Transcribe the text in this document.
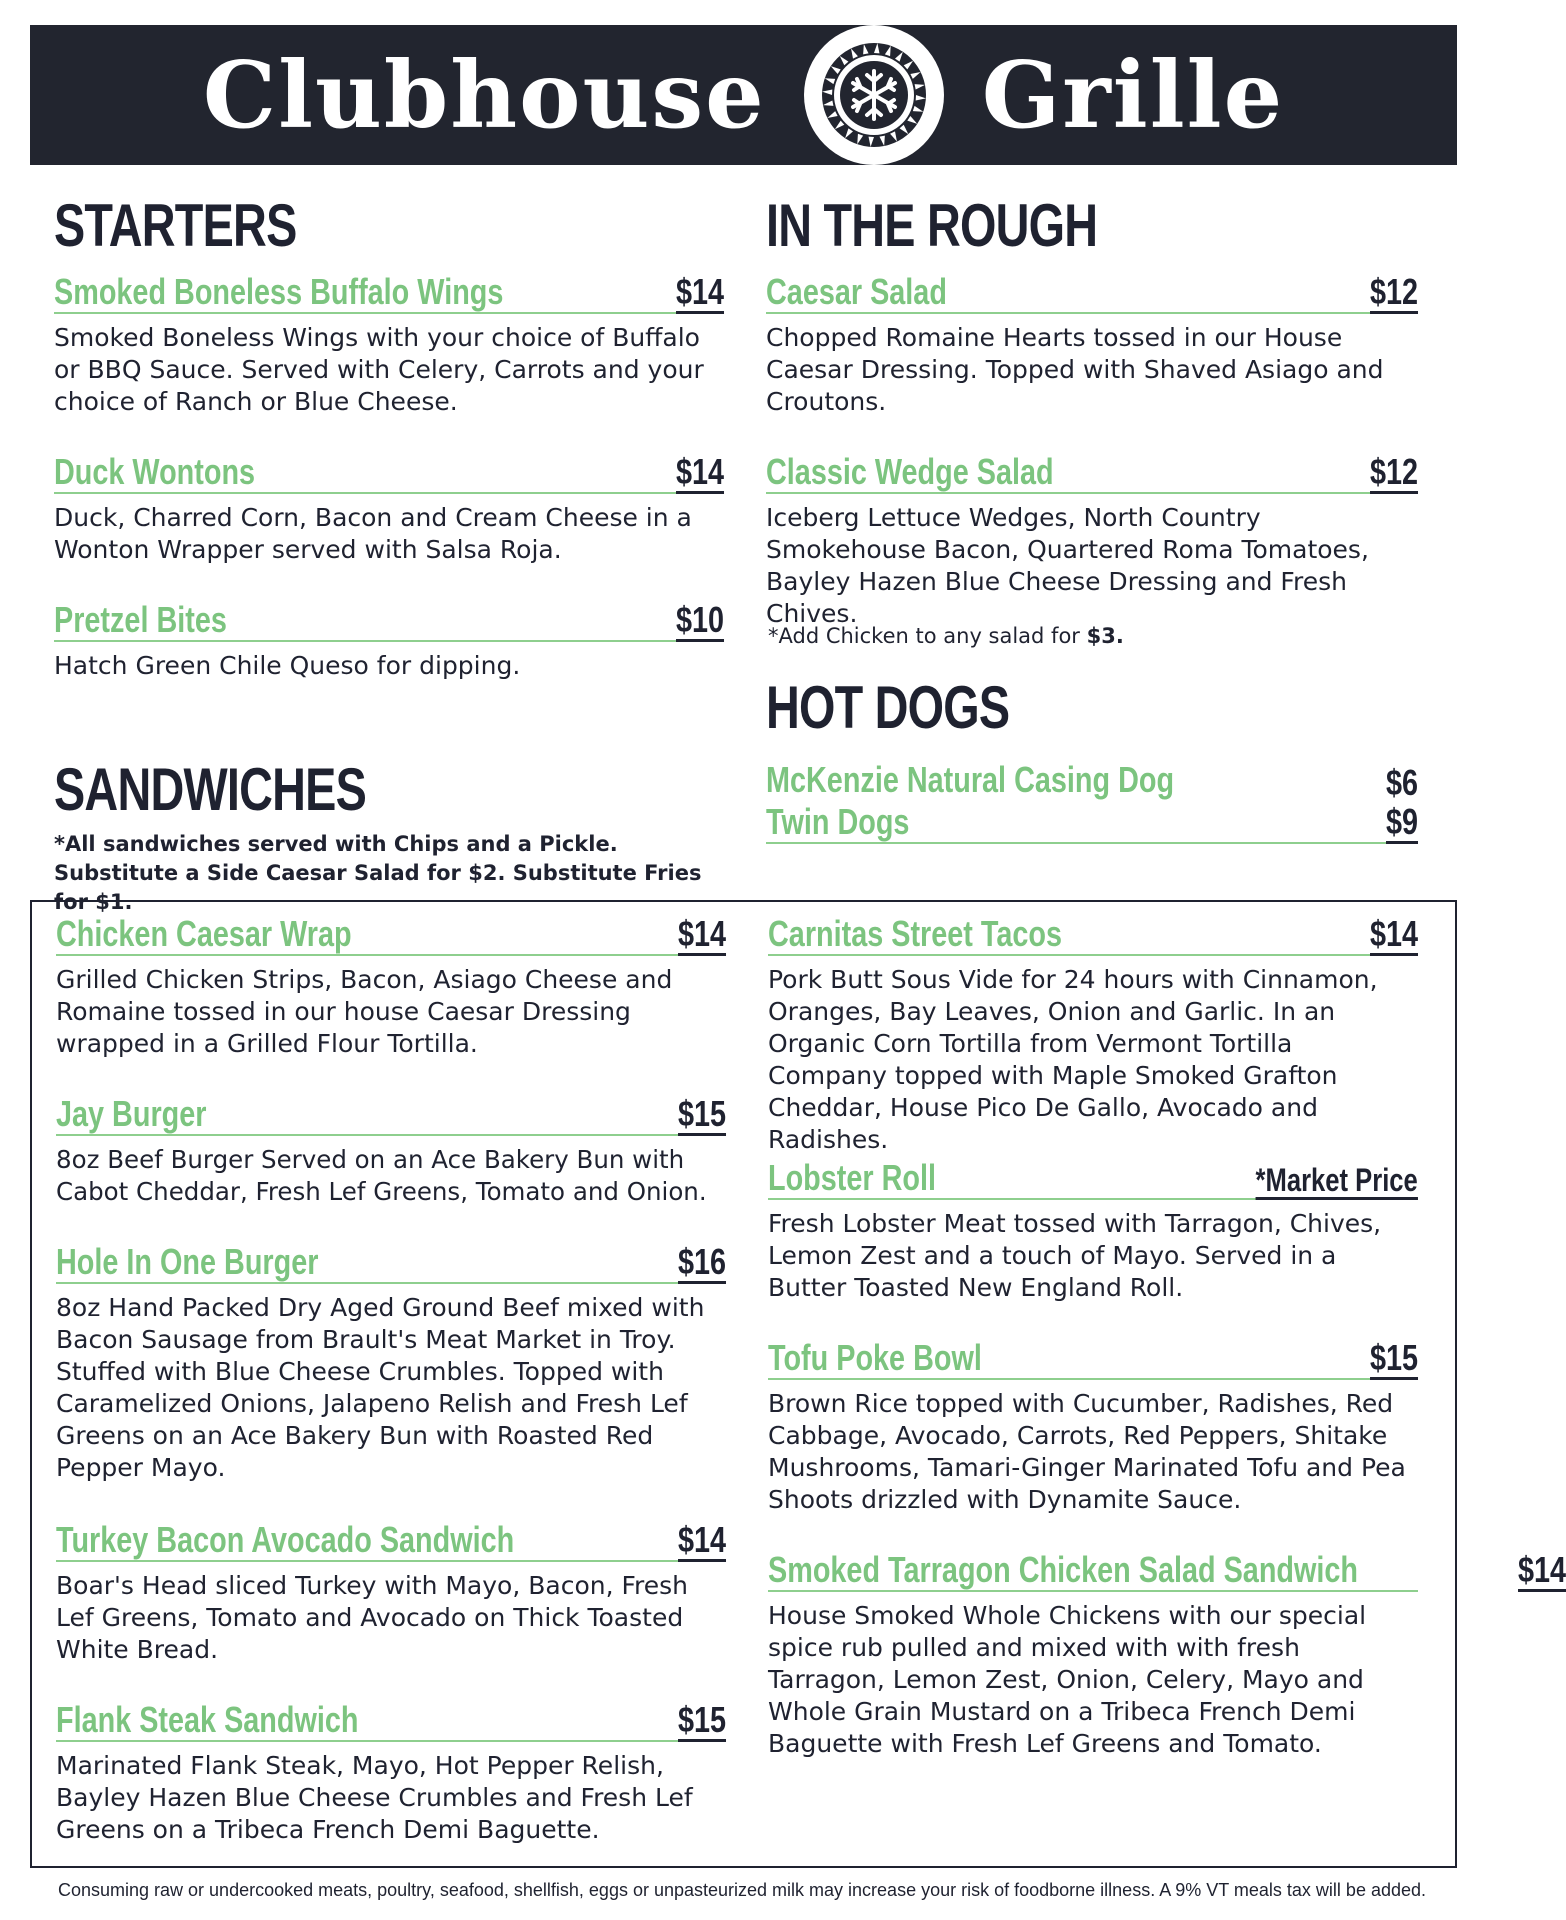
Clubhouse Grille
STARTERS	IN THE ROUGH
HOT DOGS
SANDWICHES
Smoked Boneless Buffalo Wings	$14
Smoked Boneless Wings with your choice of Buffalo or BBQ Sauce. Served with Celery, Carrots and your choice of Ranch or Blue Cheese.
Duck Wontons	$14
Duck, Charred Corn, Bacon and Cream Cheese in a Wonton Wrapper served with Salsa Roja.
Pretzel Bites	$10
Hatch Green Chile Queso for dipping.
Caesar Salad	$12
Chopped Romaine Hearts tossed in our House Caesar Dressing. Topped with Shaved Asiago and Croutons.
Classic Wedge Salad	$12
Iceberg Lettuce Wedges, North Country Smokehouse Bacon, Quartered Roma Tomatoes, Bayley Hazen Blue Cheese Dressing and Fresh Chives.
*Add Chicken to any salad for $3.
McKenzie Natural Casing Dog	$6
Twin Dogs	$9
*All sandwiches served with Chips and a Pickle. Substitute a Side Caesar Salad for $2. Substitute Fries for $1.
Chicken Caesar Wrap	$14
Grilled Chicken Strips, Bacon, Asiago Cheese and Romaine tossed in our house Caesar Dressing wrapped in a Grilled Flour Tortilla.
Jay Burger	$15
8oz Beef Burger Served on an Ace Bakery Bun with Cabot Cheddar, Fresh Lef Greens, Tomato and Onion.
Hole In One Burger	$16
8oz Hand Packed Dry Aged Ground Beef mixed with Bacon Sausage from Brault's Meat Market in Troy. Stuffed with Blue Cheese Crumbles. Topped with Caramelized Onions, Jalapeno Relish and Fresh Lef Greens on an Ace Bakery Bun with Roasted Red Pepper Mayo.
Turkey Bacon Avocado Sandwich	$14
Boar's Head sliced Turkey with Mayo, Bacon, Fresh Lef Greens, Tomato and Avocado on Thick Toasted White Bread.
Flank Steak Sandwich	$15
Marinated Flank Steak, Mayo, Hot Pepper Relish, Bayley Hazen Blue Cheese Crumbles and Fresh Lef Greens on a Tribeca French Demi Baguette.
Carnitas Street Tacos	$14
Pork Butt Sous Vide for 24 hours with Cinnamon, Oranges, Bay Leaves, Onion and Garlic. In an Organic Corn Tortilla from Vermont Tortilla Company topped with Maple Smoked Grafton Cheddar, House Pico De Gallo, Avocado and Radishes.
Lobster Roll	*Market Price
Fresh Lobster Meat tossed with Tarragon, Chives, Lemon Zest and a touch of Mayo. Served in a Butter Toasted New England Roll.
Tofu Poke Bowl	$15
Brown Rice topped with Cucumber, Radishes, Red Cabbage, Avocado, Carrots, Red Peppers, Shitake Mushrooms, Tamari-Ginger Marinated Tofu and Pea Shoots drizzled with Dynamite Sauce.
Smoked Tarragon Chicken Salad Sandwich	$14
House Smoked Whole Chickens with our special spice rub pulled and mixed with with fresh Tarragon, Lemon Zest, Onion, Celery, Mayo and Whole Grain Mustard on a Tribeca French Demi Baguette with Fresh Lef Greens and Tomato.
Consuming raw or undercooked meats, poultry, seafood, shellfish, eggs or unpasteurized milk may increase your risk of foodborne illness. A 9% VT meals tax will be added.
